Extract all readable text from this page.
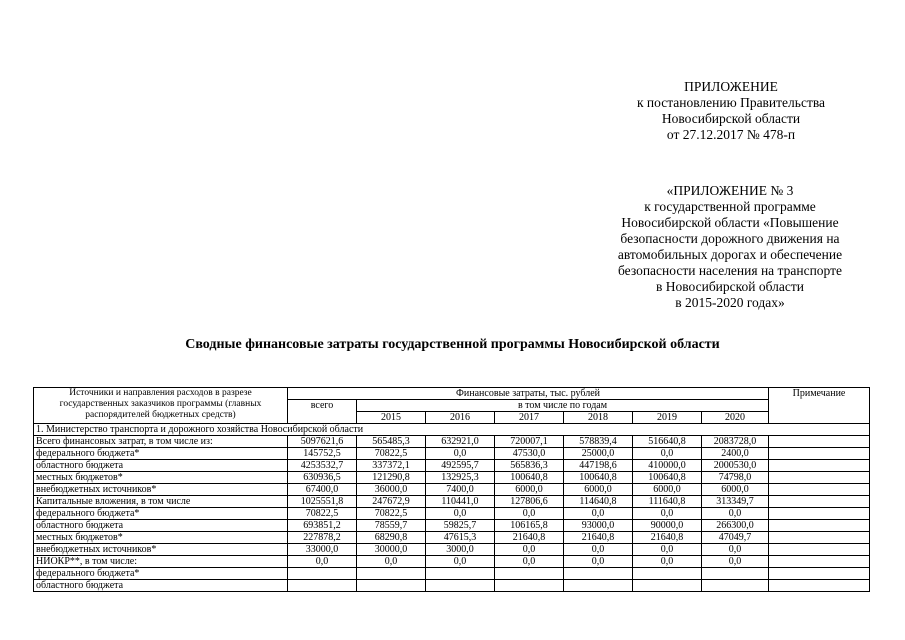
ПРИЛОЖЕНИЕ
к постановлению Правительства
Новосибирской области
от 27.12.2017 № 478-п
«ПРИЛОЖЕНИЕ № 3
к государственной программе
Новосибирской области «Повышение
безопасности дорожного движения на
автомобильных дорогах и обеспечение
безопасности населения на транспорте
в Новосибирской области
в 2015-2020 годах»
Сводные финансовые затраты государственной программы Новосибирской области
Источники и направления расходов в разрезе государственных заказчиков программы (главных распорядителей бюджетных средств)	Финансовые затраты, тыс. рублей							Примечание
	всего	в том числе по годам						
		2015	2016	2017	2018	2019	2020	
1. Министерство транспорта и дорожного хозяйства Новосибирской области								
Всего финансовых затрат, в том числе из:	5097621,6	565485,3	632921,0	720007,1	578839,4	516640,8	2083728,0	
федерального бюджета*	145752,5	70822,5	0,0	47530,0	25000,0	0,0	2400,0	
областного бюджета	4253532,7	337372,1	492595,7	565836,3	447198,6	410000,0	2000530,0	
местных бюджетов*	630936,5	121290,8	132925,3	100640,8	100640,8	100640,8	74798,0	
внебюджетных источников*	67400,0	36000,0	7400,0	6000,0	6000,0	6000,0	6000,0	
Капитальные вложения, в том числе	1025551,8	247672,9	110441,0	127806,6	114640,8	111640,8	313349,7	
федерального бюджета*	70822,5	70822,5	0,0	0,0	0,0	0,0	0,0	
областного бюджета	693851,2	78559,7	59825,7	106165,8	93000,0	90000,0	266300,0	
местных бюджетов*	227878,2	68290,8	47615,3	21640,8	21640,8	21640,8	47049,7	
внебюджетных источников*	33000,0	30000,0	3000,0	0,0	0,0	0,0	0,0	
НИОКР**, в том числе:	0,0	0,0	0,0	0,0	0,0	0,0	0,0	
федерального бюджета*								
областного бюджета								
